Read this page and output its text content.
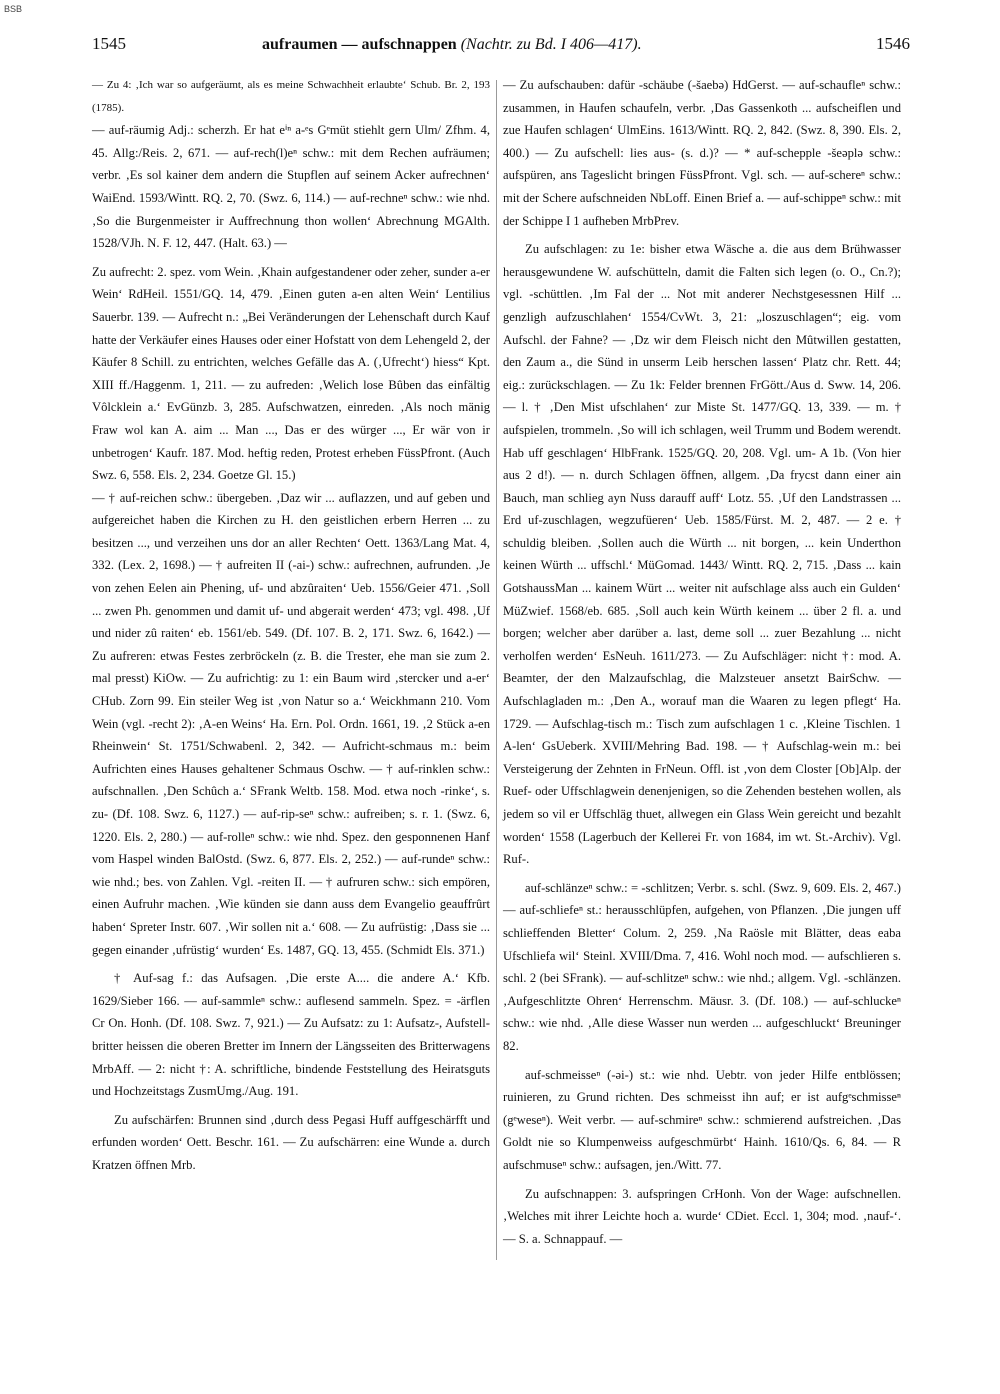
BSB
1545	aufraumen — aufschnappen (Nachtr. zu Bd. I 406—417).	1546

— Zu 4: ‚Ich war so aufgeräumt, als es meine Schwachheit erlaubte‘ Schub. Br. 2, 193 (1785).

— auf-räumig Adj.: scherzh. Er hat eⁱⁿ a-ᵉs Gᵉmüt stiehlt gern Ulm/ Zfhm. 4, 45. Allg:/Reis. 2, 671. — auf-rech(l)eⁿ schw.: mit dem Rechen aufräumen; verbr. ‚Es sol kainer dem andern die Stupflen auf seinem Acker aufrechnen‘ WaiEnd. 1593/Wintt. RQ. 2, 70. (Swz. 6, 114.) — auf-rechneⁿ schw.: wie nhd. ‚So die Burgenmeister ir Auffrechnung thon wollen‘ Abrechnung MGAlth. 1528/VJh. N. F. 12, 447. (Halt. 63.) —

Zu aufrecht: 2. spez. vom Wein. ‚Khain aufgestandener oder zeher, sunder a-er Wein‘ RdHeil. 1551/GQ. 14, 479. ‚Einen guten a-en alten Wein‘ Lentilius Sauerbr. 139. — Aufrecht n.: „Bei Veränderungen der Lehenschaft durch Kauf hatte der Verkäufer eines Hauses oder einer Hofstatt von dem Lehengeld 2, der Käufer 8 Schill. zu entrichten, welches Gefälle das A. (‚Ufrecht‘) hiess“ Kpt. XIII ff./Haggenm. 1, 211. — zu aufreden: ‚Welich lose Bûben das einfältig Vôlcklein a.‘ EvGünzb. 3, 285. Aufschwatzen, einreden. ‚Als noch mänig Fraw wol kan A. aim ... Man ..., Das er des würger ..., Er wär von ir unbetrogen‘ Kaufr. 187. Mod. heftig reden, Protest erheben FüssPfront. (Auch Swz. 6, 558. Els. 2, 234. Goetze Gl. 15.)

— † auf-reichen schw.: übergeben. ‚Daz wir ... auflazzen, und auf geben und aufgereichet haben die Kirchen zu H. den geistlichen erbern Herren ... zu besitzen ..., und verzeihen uns dor an aller Rechten‘ Oett. 1363/Lang Mat. 4, 332. (Lex. 2, 1698.) — † aufreiten II (-ai-) schw.: aufrechnen, aufrunden. ‚Je von zehen Eelen ain Phening, uf- und abzûraiten‘ Ueb. 1556/Geier 471. ‚Soll ... zwen Ph. genommen und damit uf- und abgerait werden‘ 473; vgl. 498. ‚Uf und nider zû raiten‘ eb. 1561/eb. 549. (Df. 107. B. 2, 171. Swz. 6, 1642.) — Zu aufreren: etwas Festes zerbröckeln (z. B. die Trester, ehe man sie zum 2. mal presst) KiOw. — Zu aufrichtig: zu 1: ein Baum wird ‚stercker und a-er‘ CHub. Zorn 99. Ein steiler Weg ist ‚von Natur so a.‘ Weickhmann 210. Vom Wein (vgl. -recht 2): ‚A-en Weins‘ Ha. Ern. Pol. Ordn. 1661, 19. ‚2 Stück a-en Rheinwein‘ St. 1751/Schwabenl. 2, 342. — Aufricht-schmaus m.: beim Aufrichten eines Hauses gehaltener Schmaus Oschw. — † auf-rinklen schw.: aufschnallen. ‚Den Schûch a.‘ SFrank Weltb. 158. Mod. etwa noch -rinke‘, s. zu- (Df. 108. Swz. 6, 1127.) — auf-rip-seⁿ schw.: aufreiben; s. r. 1. (Swz. 6, 1220. Els. 2, 280.) — auf-rolleⁿ schw.: wie nhd. Spez. den gesponnenen Hanf vom Haspel winden BalOstd. (Swz. 6, 877. Els. 2, 252.) — auf-rundeⁿ schw.: wie nhd.; bes. von Zahlen. Vgl. -reiten II. — † aufruren schw.: sich empören, einen Aufruhr machen. ‚Wie künden sie dann auss dem Evangelio geauffrûrt haben‘ Spreter Instr. 607. ‚Wir sollen nit a.‘ 608. — Zu aufrüstig: ‚Dass sie ... gegen einander ‚ufrüstig‘ wurden‘ Es. 1487, GQ. 13, 455. (Schmidt Els. 371.)

† Auf-sag f.: das Aufsagen. ‚Die erste A.... die andere A.‘ Kfb. 1629/Sieber 166. — auf-sammleⁿ schw.: auflesend sammeln. Spez. = -ärflen Cr On. Honh. (Df. 108. Swz. 7, 921.) — Zu Aufsatz: zu 1: Aufsatz-, Aufstell-britter heissen die oberen Bretter im Innern der Längsseiten des Britterwagens MrbAff. — 2: nicht †: A. schriftliche, bindende Feststellung des Heiratsguts und Hochzeitstags ZusmUmg./Aug. 191.

Zu aufschärfen: Brunnen sind ‚durch dess Pegasi Huff auffgeschärfft und erfunden worden‘ Oett. Beschr. 161. — Zu aufschärren: eine Wunde a. durch Kratzen öffnen Mrb.

— Zu aufschauben: dafür -schäube (-šaebə) HdGerst. — auf-schaufleⁿ schw.: zusammen, in Haufen schaufeln, verbr. ‚Das Gassenkoth ... aufscheiflen und zue Haufen schlagen‘ UlmEins. 1613/Wintt. RQ. 2, 842. (Swz. 8, 390. Els. 2, 400.) — Zu aufschell: lies aus- (s. d.)? — * auf-schepple -šeəplə schw.: aufspüren, ans Tageslicht bringen FüssPfront. Vgl. sch. — auf-schereⁿ schw.: mit der Schere aufschneiden NbLoff. Einen Brief a. — auf-schippeⁿ schw.: mit der Schippe I 1 aufheben MrbPrev.

Zu aufschlagen: zu 1e: bisher etwa Wäsche a. die aus dem Brühwasser herausgewundene W. aufschütteln, damit die Falten sich legen (o. O., Cn.?); vgl. -schüttlen. ‚Im Fal der ... Not mit anderer Nechstgesessnen Hilf ... genzligh aufzuschlahen‘ 1554/CvWt. 3, 21: „loszuschlagen“; eig. vom Aufschl. der Fahne? — ‚Dz wir dem Fleisch nicht den Mûtwillen gestatten, den Zaum a., die Sünd in unserm Leib herschen lassen‘ Platz chr. Rett. 44; eig.: zurückschlagen. — Zu 1k: Felder brennen FrGött./Aus d. Sww. 14, 206. — l. † ‚Den Mist ufschlahen‘ zur Miste St. 1477/GQ. 13, 339. — m. † aufspielen, trommeln. ‚So will ich schlagen, weil Trumm und Bodem werendt. Hab uff geschlagen‘ HlbFrank. 1525/GQ. 20, 208. Vgl. um- A 1b. (Von hier aus 2 d!). — n. durch Schlagen öffnen, allgem. ‚Da fryсst dann einer ain Bauch, man schlieg ayn Nuss darauff auff‘ Lotz. 55. ‚Uf den Landstrassen ... Erd uf-zuschlagen, wegzufüeren‘ Ueb. 1585/Fürst. M. 2, 487. — 2 e. † schuldig bleiben. ‚Sollen auch die Würth ... nit borgen, ... kein Underthon keinen Würth ... uffschl.‘ MüGomad. 1443/ Wintt. RQ. 2, 715. ‚Dass ... kain GotshaussMan ... kainem Würt ... weiter nit aufschlage alss auch ein Gulden‘ MüZwief. 1568/eb. 685. ‚Soll auch kein Würth keinem ... über 2 fl. a. und borgen; welcher aber darüber a. last, deme soll ... zuer Bezahlung ... nicht verholfen werden‘ EsNeuh. 1611/273. — Zu Aufschläger: nicht †: mod. A. Beamter, der den Malzaufschlag, die Malzsteuer ansetzt BairSchw. — Aufschlagladen m.: ‚Den A., worauf man die Waaren zu legen pflegt‘ Ha. 1729. — Aufschlag-tisch m.: Tisch zum aufschlagen 1 c. ‚Kleine Tischlen. 1 A-len‘ GsUeberk. XVIII/Mehring Bad. 198. — † Aufschlag-wein m.: bei Versteigerung der Zehnten in FrNeun. Offl. ist ‚von dem Closter [Ob]Alp. der Ruef- oder Uffschlagwein denenjenigen, so die Zehenden bestehen wollen, als jedem so vil er Uffschläg thuet, allwegen ein Glass Wein gereicht und bezahlt worden‘ 1558 (Lagerbuch der Kellerei Fr. von 1684, im wt. St.-Archiv). Vgl. Ruf-.

auf-schlänzeⁿ schw.: = -schlitzen; Verbr. s. schl. (Swz. 9, 609. Els. 2, 467.) — auf-schliefeⁿ st.: herausschlüpfen, aufgehen, von Pflanzen. ‚Die jungen uff schlieffenden Bletter‘ Colum. 2, 259. ‚Na Raösle mit Blätter, deas eaba Ufschliefa wil‘ Steinl. XVIII/Dma. 7, 416. Wohl noch mod. — aufschlieren s. schl. 2 (bei SFrank). — auf-schlitzeⁿ schw.: wie nhd.; allgem. Vgl. -schlänzen. ‚Aufgeschlitzte Ohren‘ Herrenschm. Mäusr. 3. (Df. 108.) — auf-schluckeⁿ schw.: wie nhd. ‚Alle diese Wasser nun werden ... aufgeschluckt‘ Breuninger 82.

auf-schmeisseⁿ (-əi-) st.: wie nhd. Uebtr. von jeder Hilfe entblössen; ruinieren, zu Grund richten. Des schmeisst ihn auf; er ist aufgᵉschmisseⁿ (gᵉweseⁿ). Weit verbr. — auf-schmireⁿ schw.: schmierend aufstreichen. ‚Das Goldt nie so Klumpenweiss aufgeschmürbt‘ Hainh. 1610/Qs. 6, 84. — R aufschmuseⁿ schw.: aufsagen, jen./Witt. 77.

Zu aufschnappen: 3. aufspringen CrHonh. Von der Wage: aufschnellen. ‚Welches mit ihrer Leichte hoch a. wurde‘ CDiet. Eccl. 1, 304; mod. ‚nauf-‘. — S. a. Schnappauf. —
